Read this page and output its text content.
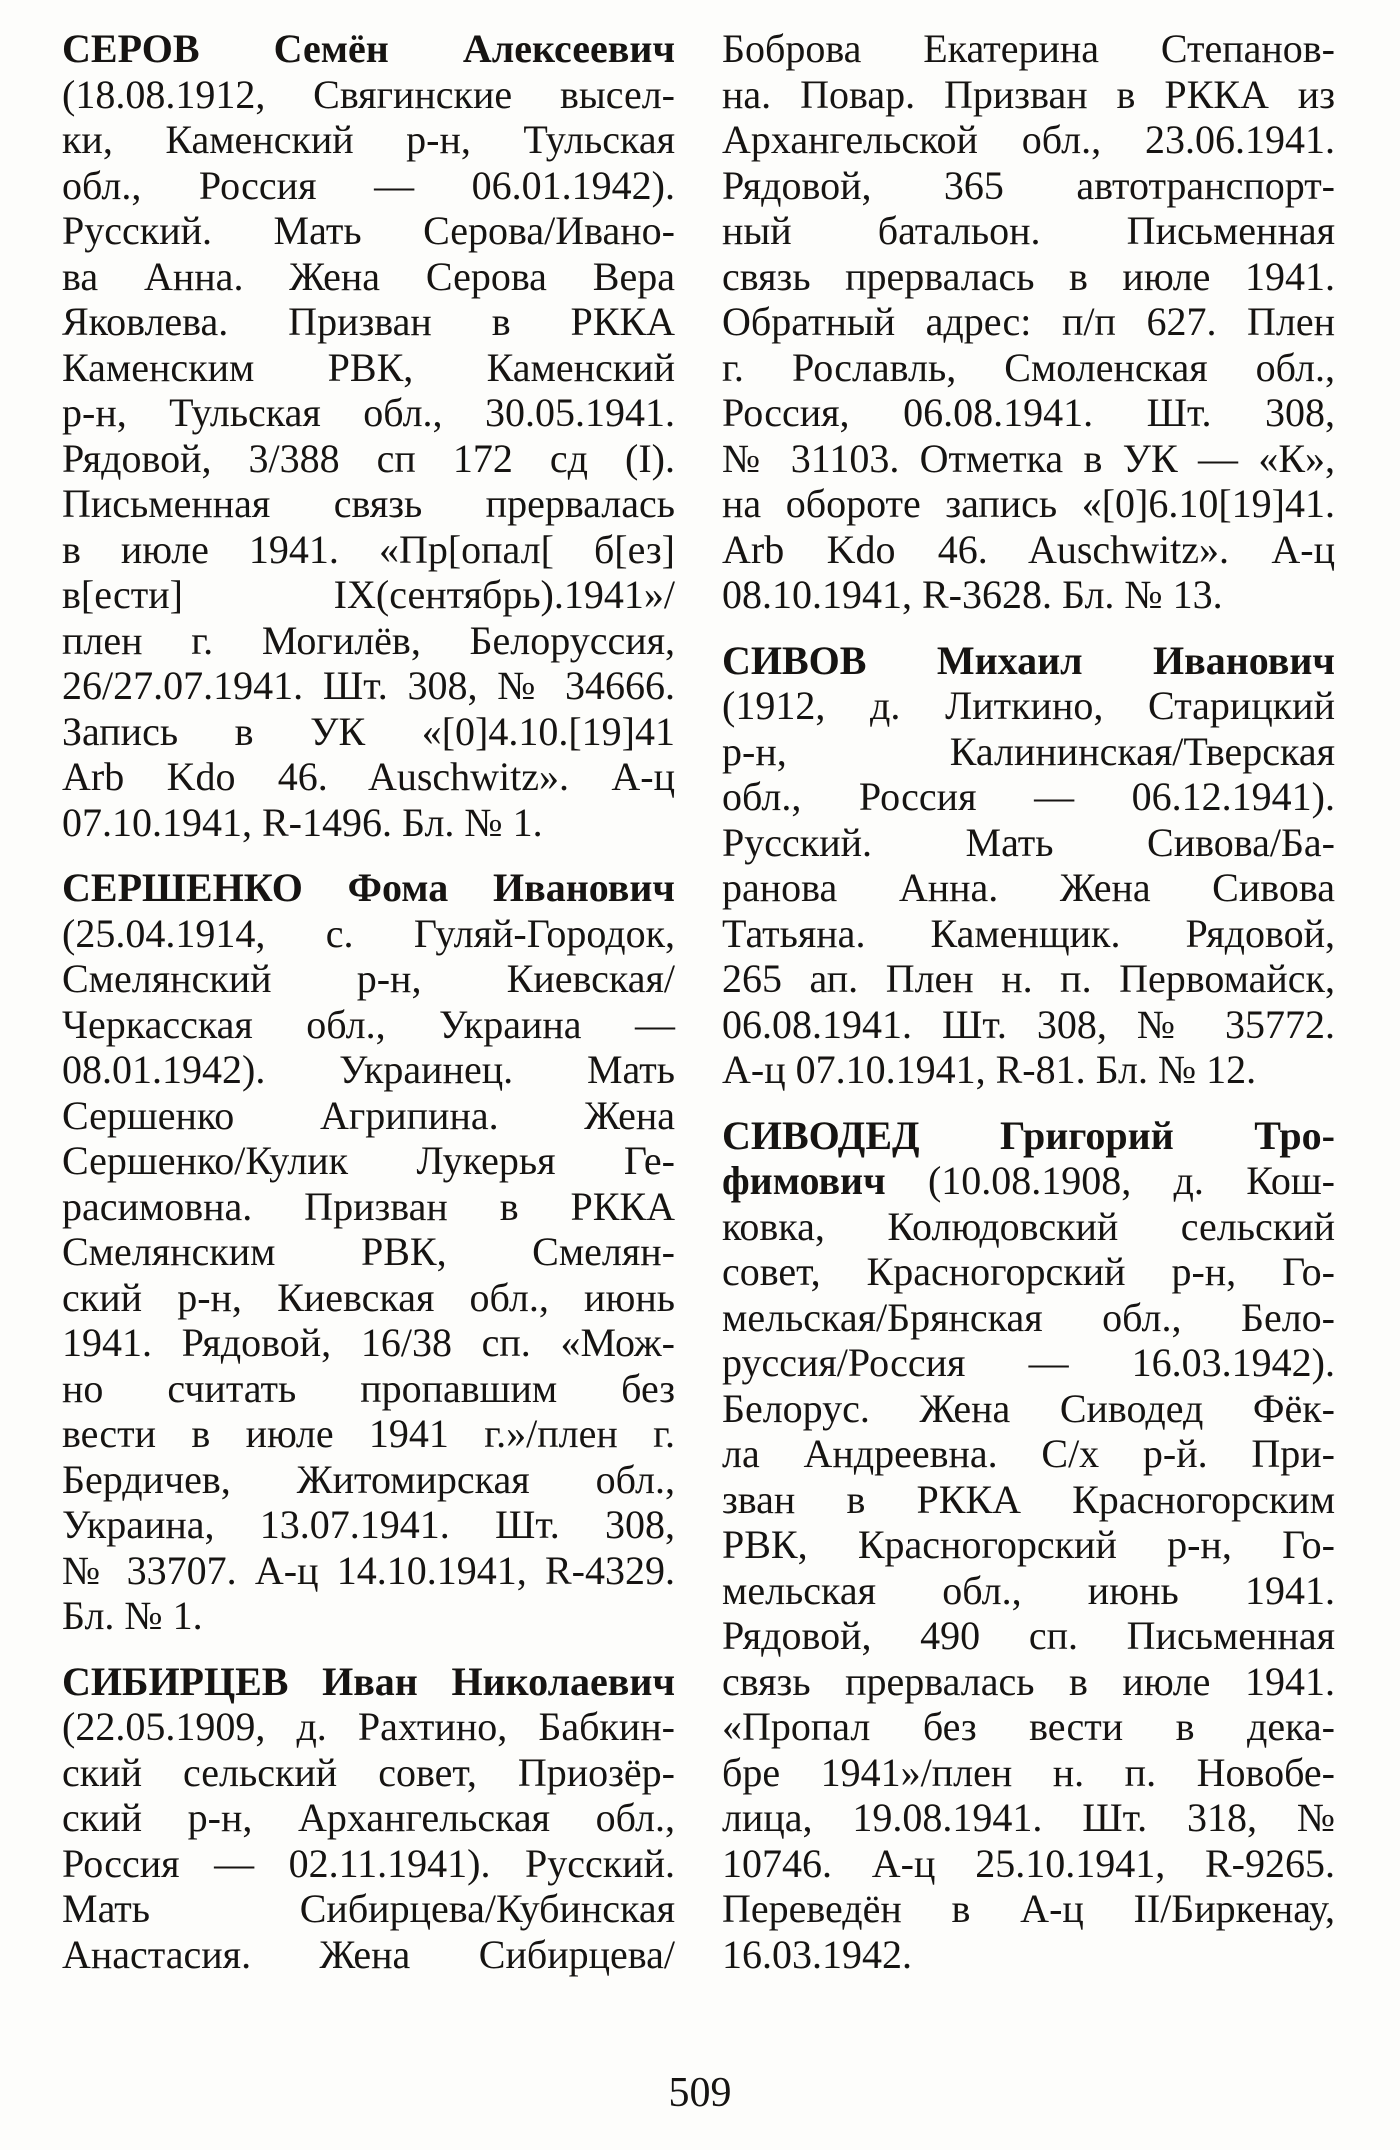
СЕРОВ Семён Алексеевич
(18.08.1912, Свягинские высел-
ки, Каменский р-н, Тульская
обл., Россия — 06.01.1942).
Русский. Мать Серова/Ивано-
ва Анна. Жена Серова Вера
Яковлева. Призван в РККА
Каменским РВК, Каменский
р-н, Тульская обл., 30.05.1941.
Рядовой, 3/388 сп 172 сд (I).
Письменная связь прервалась
в июле 1941. «Пр[опал[ б[ез]
в[ести] IX(сентябрь).1941»/
плен г. Могилёв, Белоруссия,
26/27.07.1941. Шт. 308, № 34666.
Запись в УК «[0]4.10.[19]41
Arb Kdo 46. Auschwitz». А-ц
07.10.1941, R-1496. Бл. № 1.
СЕРШЕНКО Фома Иванович
(25.04.1914, с. Гуляй-Городок,
Смелянский р-н, Киевская/
Черкасская обл., Украина —
08.01.1942). Украинец. Мать
Сершенко Агрипина. Жена
Сершенко/Кулик Лукерья Ге-
расимовна. Призван в РККА
Смелянским РВК, Смелян-
ский р-н, Киевская обл., июнь
1941. Рядовой, 16/38 сп. «Мож-
но считать пропавшим без
вести в июле 1941 г.»/плен г.
Бердичев, Житомирская обл.,
Украина, 13.07.1941. Шт. 308,
№ 33707. А-ц 14.10.1941, R-4329.
Бл. № 1.
СИБИРЦЕВ Иван Николаевич
(22.05.1909, д. Рахтино, Бабкин-
ский сельский совет, Приозёр-
ский р-н, Архангельская обл.,
Россия — 02.11.1941). Русский.
Мать Сибирцева/Кубинская
Анастасия. Жена Сибирцева/
Боброва Екатерина Степанов-
на. Повар. Призван в РККА из
Архангельской обл., 23.06.1941.
Рядовой, 365 автотранспорт-
ный батальон. Письменная
связь прервалась в июле 1941.
Обратный адрес: п/п 627. Плен
г. Рославль, Смоленская обл.,
Россия, 06.08.1941. Шт. 308,
№ 31103. Отметка в УК — «К»,
на обороте запись «[0]6.10[19]41.
Arb Kdo 46. Auschwitz». А-ц
08.10.1941, R-3628. Бл. № 13.
СИВОВ Михаил Иванович
(1912, д. Литкино, Старицкий
р-н, Калининская/Тверская
обл., Россия — 06.12.1941).
Русский. Мать Сивова/Ба-
ранова Анна. Жена Сивова
Татьяна. Каменщик. Рядовой,
265 ап. Плен н. п. Первомайск,
06.08.1941. Шт. 308, № 35772.
А-ц 07.10.1941, R-81. Бл. № 12.
СИВОДЕД Григорий Тро-
фимович (10.08.1908, д. Кош-
ковка, Колюдовский сельский
совет, Красногорский р-н, Го-
мельская/Брянская обл., Бело-
руссия/Россия — 16.03.1942).
Белорус. Жена Сиводед Фёк-
ла Андреевна. С/х р-й. При-
зван в РККА Красногорским
РВК, Красногорский р-н, Го-
мельская обл., июнь 1941.
Рядовой, 490 сп. Письменная
связь прервалась в июле 1941.
«Пропал без вести в дека-
бре 1941»/плен н. п. Новобе-
лица, 19.08.1941. Шт. 318, №
10746. А-ц 25.10.1941, R-9265.
Переведён в А-ц II/Биркенау,
16.03.1942.
509
